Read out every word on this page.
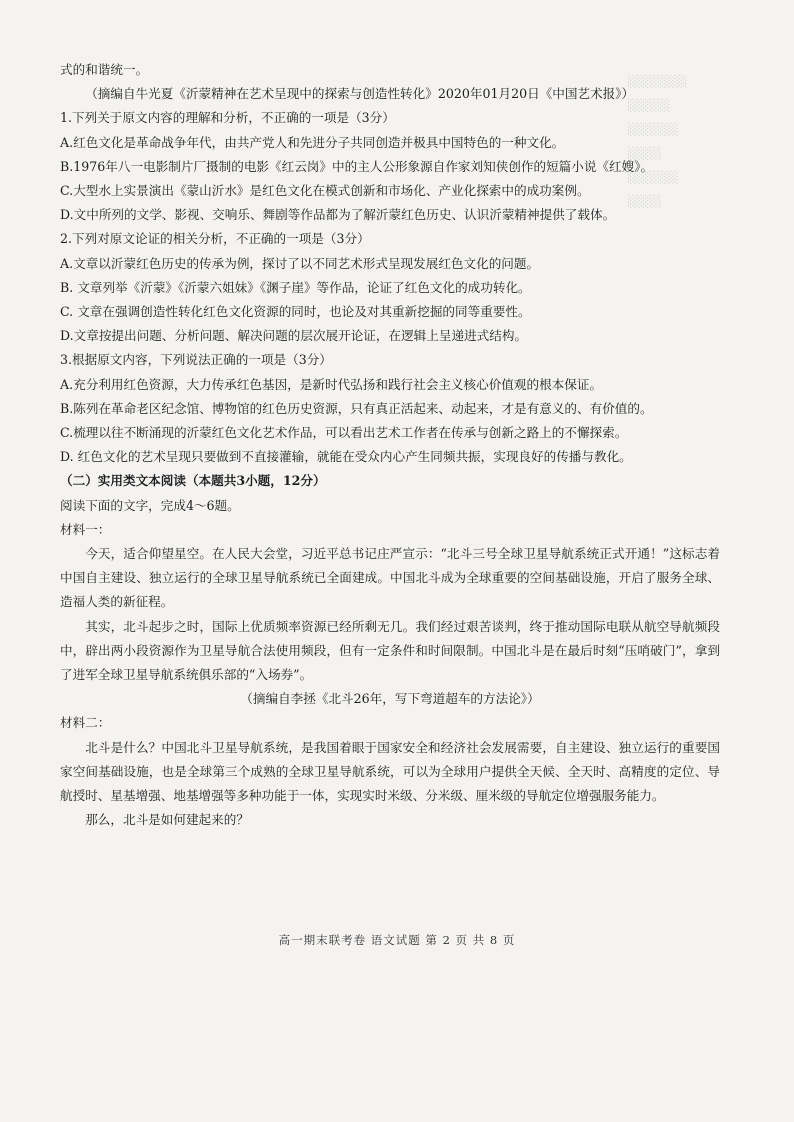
░░░░░░░
░░░░░
░░░░░░
░░░░
░░░░░░
░░░░

式的和谐统一。

（摘编自牛光夏《沂蒙精神在艺术呈现中的探索与创造性转化》2020年01月20日《中国艺术报》）

1.下列关于原文内容的理解和分析，不正确的一项是（3分）

A.红色文化是革命战争年代，由共产党人和先进分子共同创造并极具中国特色的一种文化。

B.1976年八一电影制片厂摄制的电影《红云岗》中的主人公形象源自作家刘知侠创作的短篇小说《红嫂》。

C.大型水上实景演出《蒙山沂水》是红色文化在模式创新和市场化、产业化探索中的成功案例。

D.文中所列的文学、影视、交响乐、舞剧等作品都为了解沂蒙红色历史、认识沂蒙精神提供了载体。

2.下列对原文论证的相关分析，不正确的一项是（3分）

A.文章以沂蒙红色历史的传承为例，探讨了以不同艺术形式呈现发展红色文化的问题。

B. 文章列举《沂蒙》《沂蒙六姐妹》《渊子崖》等作品，论证了红色文化的成功转化。

C. 文章在强调创造性转化红色文化资源的同时，也论及对其重新挖掘的同等重要性。

D.文章按提出问题、分析问题、解决问题的层次展开论证，在逻辑上呈递进式结构。

3.根据原文内容，下列说法正确的一项是（3分）

A.充分利用红色资源，大力传承红色基因，是新时代弘扬和践行社会主义核心价值观的根本保证。

B.陈列在革命老区纪念馆、博物馆的红色历史资源，只有真正活起来、动起来，才是有意义的、有价值的。

C.梳理以往不断涌现的沂蒙红色文化艺术作品，可以看出艺术工作者在传承与创新之路上的不懈探索。

D. 红色文化的艺术呈现只要做到不直接灌输，就能在受众内心产生同频共振，实现良好的传播与教化。

（二）实用类文本阅读（本题共3小题，12分）

阅读下面的文字，完成4～6题。

材料一：

今天，适合仰望星空。在人民大会堂，习近平总书记庄严宣示：“北斗三号全球卫星导航系统正式开通！”这标志着中国自主建设、独立运行的全球卫星导航系统已全面建成。中国北斗成为全球重要的空间基础设施，开启了服务全球、造福人类的新征程。

其实，北斗起步之时，国际上优质频率资源已经所剩无几。我们经过艰苦谈判，终于推动国际电联从航空导航频段中，辟出两小段资源作为卫星导航合法使用频段，但有一定条件和时间限制。中国北斗是在最后时刻“压哨破门”，拿到了进军全球卫星导航系统俱乐部的“入场券”。

（摘编自李拯《北斗26年，写下弯道超车的方法论》）

材料二：

北斗是什么？中国北斗卫星导航系统，是我国着眼于国家安全和经济社会发展需要，自主建设、独立运行的重要国家空间基础设施，也是全球第三个成熟的全球卫星导航系统，可以为全球用户提供全天候、全天时、高精度的定位、导航授时、星基增强、地基增强等多种功能于一体，实现实时米级、分米级、厘米级的导航定位增强服务能力。

那么，北斗是如何建起来的？

高一期末联考卷 语文试题 第 2 页 共 8 页
